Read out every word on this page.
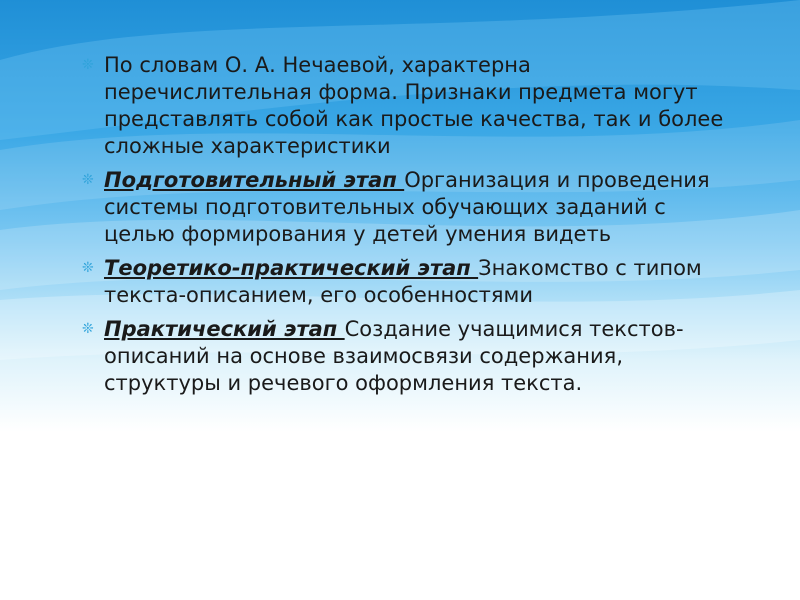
❊ По словам О. А. Нечаевой, характерна перечислительная форма. Признаки предмета могут представлять собой как простые качества, так и более сложные характеристики
❊ Подготовительный этап Организация и проведения системы подготовительных обучающих заданий с целью формирования у детей умения видеть
❊ Теоретико-практический этап Знакомство с типом текста-описанием, его особенностями
❊ Практический этап Создание учащимися текстов-описаний на основе взаимосвязи содержания, структуры и речевого оформления текста.
